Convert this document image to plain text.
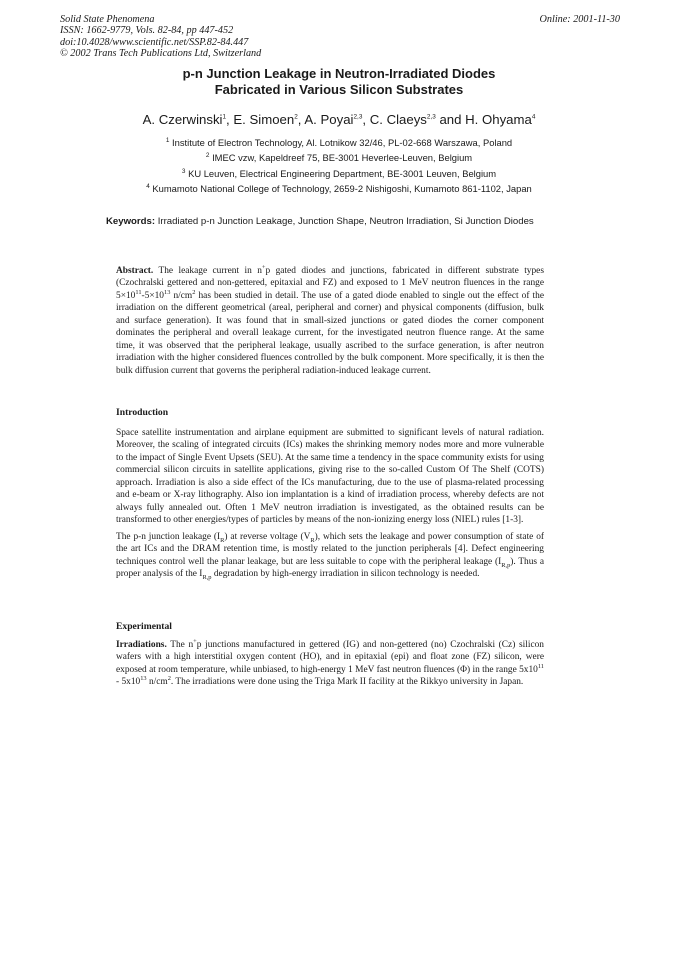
Solid State Phenomena
ISSN: 1662-9779, Vols. 82-84, pp 447-452
doi:10.4028/www.scientific.net/SSP.82-84.447
© 2002 Trans Tech Publications Ltd, Switzerland
Online: 2001-11-30
p-n Junction Leakage in Neutron-Irradiated Diodes
Fabricated in Various Silicon Substrates
A. Czerwinski$^1$, E. Simoen$^2$, A. Poyai$^{2,3}$, C. Claeys$^{2,3}$ and H. Ohyama$^4$
$^1$ Institute of Electron Technology, Al. Lotnikow 32/46, PL-02-668 Warszawa, Poland
$^2$ IMEC vzw, Kapeldreef 75, BE-3001 Heverlee-Leuven, Belgium
$^3$ KU Leuven, Electrical Engineering Department, BE-3001 Leuven, Belgium
$^4$ Kumamoto National College of Technology, 2659-2 Nishigoshi, Kumamoto 861-1102, Japan
Keywords: Irradiated p-n Junction Leakage, Junction Shape, Neutron Irradiation, Si Junction Diodes
Abstract. The leakage current in n+p gated diodes and junctions, fabricated in different substrate types (Czochralski gettered and non-gettered, epitaxial and FZ) and exposed to 1 MeV neutron fluences in the range $5\times 10^{11}-5\times 10^{13}$ $n/cm^2$ has been studied in detail. The use of a gated diode enabled to single out the effect of the irradiation on the different geometrical (areal, peripheral and corner) and physical components (diffusion, bulk and surface generation). It was found that in small-sized junctions or gated diodes the corner component dominates the peripheral and overall leakage current, for the investigated neutron fluence range. At the same time, it was observed that the peripheral leakage, usually ascribed to the surface generation, is after neutron irradiation with the higher considered fluences controlled by the bulk component. More specifically, it is then the bulk diffusion current that governs the peripheral radiation-induced leakage current.
Introduction

Space satellite instrumentation and airplane equipment are submitted to significant levels of natural radiation. Moreover, the scaling of integrated circuits (ICs) makes the shrinking memory nodes more and more vulnerable to the impact of Single Event Upsets (SEU). At the same time a tendency in the space community exists for using commercial silicon circuits in satellite applications, giving rise to the so-called Custom Of The Shelf (COTS) approach. Irradiation is also a side effect of the ICs manufacturing, due to the use of plasma-related processing and e-beam or X-ray lithography. Also ion implantation is a kind of irradiation process, whereby defects are not always fully annealed out. Often 1 MeV neutron irradiation is investigated, as the obtained results can be transformed to other energies/types of particles by means of the non-ionizing energy loss (NIEL) rules [1-3].

The p-n junction leakage $(I_R)$ at reverse voltage $(V_R)$, which sets the leakage and power consumption of state of the art ICs and the DRAM retention time, is mostly related to the junction peripherals [4]. Defect engineering techniques control well the planar leakage, but are less suitable to cope with the peripheral leakage $(I_{R,p})$. Thus a proper analysis of the $I_{R,p}$ degradation by high-energy irradiation in silicon technology is needed.

Experimental
Irradiations. The n+p junctions manufactured in gettered (IG) and non-gettered (no) Czochralski (Cz) silicon wafers with a high interstitial oxygen content (HO), and in epitaxial (epi) and float zone (FZ) silicon, were exposed at room temperature, while unbiased, to high-energy 1 MeV fast neutron fluences (Φ) in the range $5x10^{11} - 5x10^{13}$ $n/cm^2$. The irradiations were done using the Triga Mark II facility at the Rikkyo university in Japan.
